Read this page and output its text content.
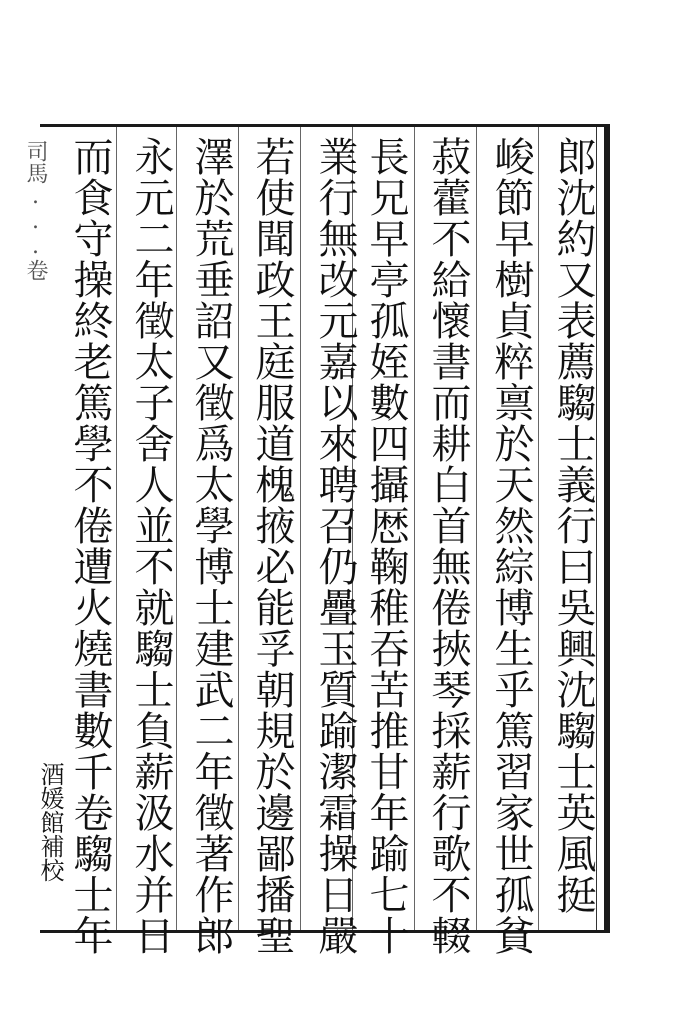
郎沈約又表薦騶士義行曰吳興沈騶士英風挺
峻節早樹貞粹禀於天然綜博生乎篤習家世孤貧
菽藿不給懷書而耕白首無倦挾琴採薪行歌不輟
長兄早亭孤姪數四攝厯鞠稚吞苦推甘年踰七十
業行無改元嘉以來聘召仍疊玉質踰潔霜操日嚴
若使聞政王庭服道槐掖必能孚朝規於邊鄙播聖
澤於荒垂詔又徵爲太學博士建武二年徵著作郎
永元二年徵太子舍人並不就騶士負薪汲水并日
而食守操終老篤學不倦遭火燒書數千卷騶士年
司馬...卷
酒媛館補校
